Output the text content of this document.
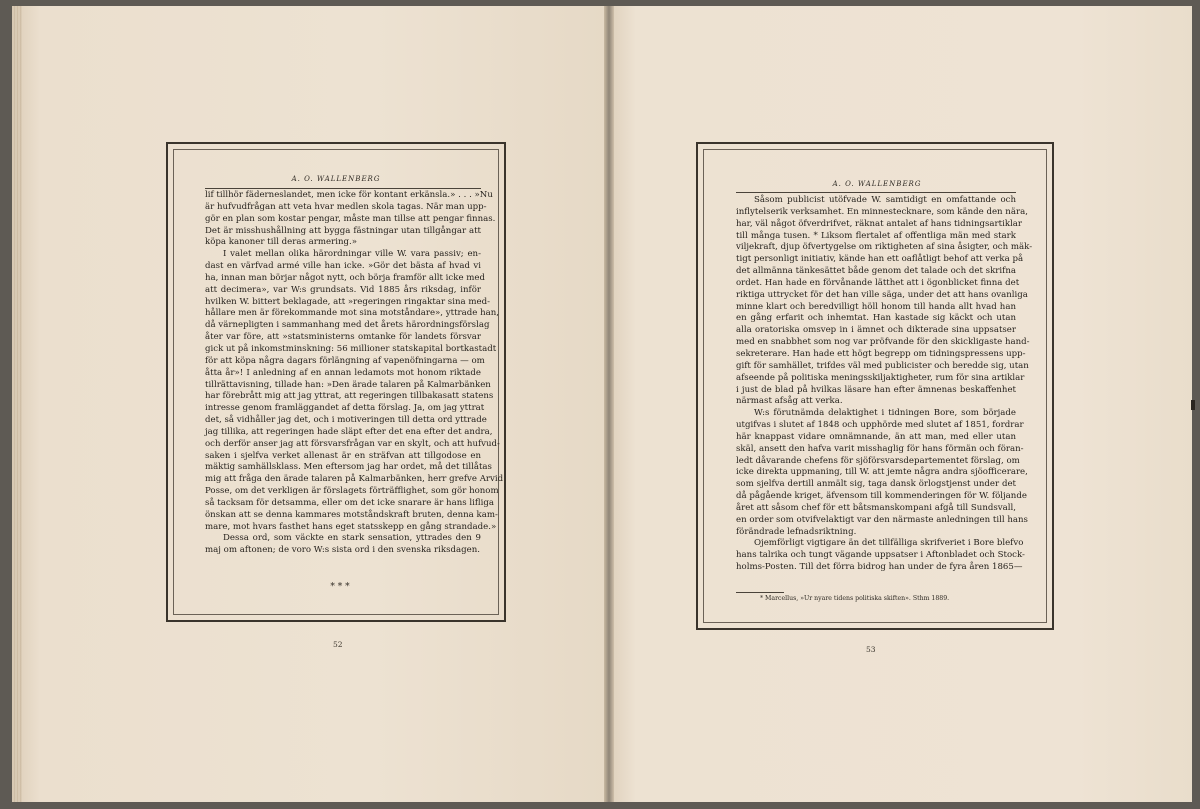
A. O. WALLENBERG
lif tillhör fäderneslandet, men icke för kontant erkänsla.» . . . »Nu
är hufvudfrågan att veta hvar medlen skola tagas. När man upp-
gör en plan som kostar pengar, måste man tillse att pengar finnas.
Det är misshushållning att bygga fästningar utan tillgångar att
köpa kanoner till deras armering.»
I valet mellan olika härordningar ville W. vara passiv; en-
dast en värfvad armé ville han icke. »Gör det bästa af hvad vi
ha, innan man börjar något nytt, och börja framför allt icke med
att decimera», var W:s grundsats. Vid 1885 års riksdag, inför
hvilken W. bittert beklagade, att »regeringen ringaktar sina med-
hållare men är förekommande mot sina motståndare», yttrade han,
då värnepligten i sammanhang med det årets härordningsförslag
åter var före, att »statsministerns omtanke för landets försvar
gick ut på inkomstminskning: 56 millioner statskapital bortkastadt
för att köpa några dagars förlängning af vapenöfningarna — om
åtta år»! I anledning af en annan ledamots mot honom riktade
tillrättavisning, tillade han: »Den ärade talaren på Kalmarbänken
har förebrått mig att jag yttrat, att regeringen tillbakasatt statens
intresse genom framläggandet af detta förslag. Ja, om jag yttrat
det, så vidhåller jag det, och i motiveringen till detta ord yttrade
jag tillika, att regeringen hade släpt efter det ena efter det andra,
och derför anser jag att försvarsfrågan var en skylt, och att hufvud-
saken i sjelfva verket allenast är en sträfvan att tillgodose en
mäktig samhällsklass. Men eftersom jag har ordet, må det tillåtas
mig att fråga den ärade talaren på Kalmarbänken, herr grefve Arvid
Posse, om det verkligen är förslagets förträfflighet, som gör honom
så tacksam för detsamma, eller om det icke snarare är hans lifliga
önskan att se denna kammares motståndskraft bruten, denna kam-
mare, mot hvars fasthet hans eget statsskepp en gång strandade.»
Dessa ord, som väckte en stark sensation, yttrades den 9
maj om aftonen; de voro W:s sista ord i den svenska riksdagen.
* * *
52
A. O. WALLENBERG
Såsom publicist utöfvade W. samtidigt en omfattande och
inflytelserik verksamhet. En minnestecknare, som kände den nära,
har, väl något öfverdrifvet, räknat antalet af hans tidningsartiklar
till många tusen. * Liksom flertalet af offentliga män med stark
viljekraft, djup öfvertygelse om riktigheten af sina åsigter, och mäk-
tigt personligt initiativ, kände han ett oaflåtligt behof att verka på
det allmänna tänkesättet både genom det talade och det skrifna
ordet. Han hade en förvånande lätthet att i ögonblicket finna det
riktiga uttrycket för det han ville säga, under det att hans ovanliga
minne klart och beredvilligt höll honom till handa allt hvad han
en gång erfarit och inhemtat. Han kastade sig käckt och utan
alla oratoriska omsvep in i ämnet och dikterade sina uppsatser
med en snabbhet som nog var pröfvande för den skickligaste hand-
sekreterare. Han hade ett högt begrepp om tidningspressens upp-
gift för samhället, trifdes väl med publicister och beredde sig, utan
afseende på politiska meningsskiljaktigheter, rum för sina artiklar
i just de blad på hvilkas läsare han efter ämnenas beskaffenhet
närmast afsåg att verka.
W:s förutnämda delaktighet i tidningen Bore, som började
utgifvas i slutet af 1848 och upphörde med slutet af 1851, fordrar
här knappast vidare omnämnande, än att man, med eller utan
skäl, ansett den hafva varit misshaglig för hans förmän och föran-
ledt dåvarande chefens för sjöförsvarsdepartementet förslag, om
icke direkta uppmaning, till W. att jemte några andra sjöofficerare,
som sjelfva dertill anmält sig, taga dansk örlogstjenst under det
då pågående kriget, äfvensom till kommenderingen för W. följande
året att såsom chef för ett båtsmanskompani afgå till Sundsvall,
en order som otvifvelaktigt var den närmaste anledningen till hans
förändrade lefnadsriktning.
Ojemförligt vigtigare än det tillfälliga skrifveriet i Bore blefvo
hans talrika och tungt vägande uppsatser i Aftonbladet och Stock-
holms-Posten. Till det förra bidrog han under de fyra åren 1865—
* Marcellus, »Ur nyare tidens politiska skiften». Sthm 1889.
53
